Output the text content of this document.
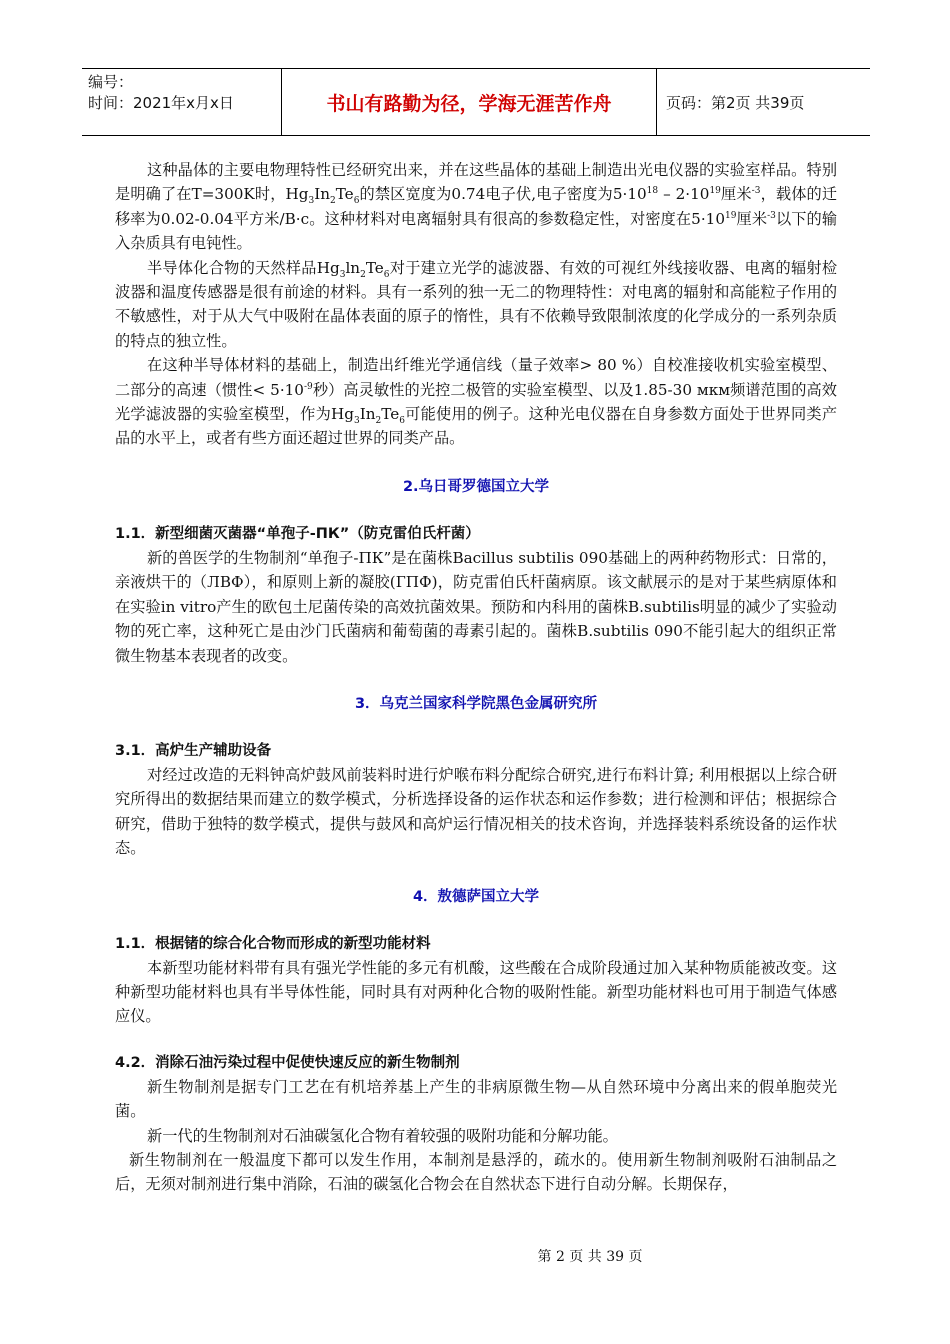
编号：
时间：2021年x月x日	书山有路勤为径，学海无涯苦作舟	页码：第2页 共39页

这种晶体的主要电物理特性已经研究出来，并在这些晶体的基础上制造出光电仪器的实验室样品。特别是明确了在T=300K时，$Hg_3In_2Te_6$的禁区宽度为0.74电子伏,电子密度为$5\cdot 10^{18} - 2\cdot 10^{19}$厘米$^{-3}$，载体的迁移率为0.02-0.04平方米/B·c。这种材料对电离辐射具有很高的参数稳定性，对密度在$5\cdot 10^{19}$厘米$^{-3}$以下的输入杂质具有电钝性。

半导体化合物的天然样品$Hg_3\ln_2Te_6$对于建立光学的滤波器、有效的可视红外线接收器、电离的辐射检波器和温度传感器是很有前途的材料。具有一系列的独一无二的物理特性：对电离的辐射和高能粒子作用的不敏感性，对于从大气中吸附在晶体表面的原子的惰性，具有不依赖导致限制浓度的化学成分的一系列杂质的特点的独立性。

在这种半导体材料的基础上，制造出纤维光学通信线（量子效率> 80 %）自校准接收机实验室模型、二部分的高速（惯性< $5\cdot 10^{-9}$秒）高灵敏性的光控二极管的实验室模型、以及1.85-30 мкм频谱范围的高效光学滤波器的实验室模型，作为$Hg_3In_2Te_6$可能使用的例子。这种光电仪器在自身参数方面处于世界同类产品的水平上，或者有些方面还超过世界的同类产品。

2.乌日哥罗德国立大学
1.1．新型细菌灭菌器“单孢子-ПК”（防克雷伯氏杆菌）

新的兽医学的生物制剂“单孢子-ПК”是在菌株Bacillus subtilis 090基础上的两种药物形式：日常的，亲液烘干的（ЛВФ），和原则上新的凝胶(ГПФ)，防克雷伯氏杆菌病原。该文献展示的是对于某些病原体和在实验in vitro产生的欧包土尼菌传染的高效抗菌效果。预防和内科用的菌株B.subtilis明显的减少了实验动物的死亡率，这种死亡是由沙门氏菌病和葡萄菌的毒素引起的。菌株B.subtilis 090不能引起大的组织正常微生物基本表现者的改变。

3．乌克兰国家科学院黑色金属研究所
3.1．高炉生产辅助设备

对经过改造的无料钟高炉鼓风前装料时进行炉喉布料分配综合研究,进行布料计算; 利用根据以上综合研究所得出的数据结果而建立的数学模式，分析选择设备的运作状态和运作参数；进行检测和评估；根据综合研究，借助于独特的数学模式，提供与鼓风和高炉运行情况相关的技术咨询，并选择装料系统设备的运作状态。

4．敖德萨国立大学
1.1．根据锗的综合化合物而形成的新型功能材料

本新型功能材料带有具有强光学性能的多元有机酸，这些酸在合成阶段通过加入某种物质能被改变。这种新型功能材料也具有半导体性能，同时具有对两种化合物的吸附性能。新型功能材料也可用于制造气体感应仪。

4.2．消除石油污染过程中促使快速反应的新生物制剂

新生物制剂是据专门工艺在有机培养基上产生的非病原微生物—从自然环境中分离出来的假单胞荧光菌。

新一代的生物制剂对石油碳氢化合物有着较强的吸附功能和分解功能。

新生物制剂在一般温度下都可以发生作用，本制剂是悬浮的，疏水的。使用新生物制剂吸附石油制品之后，无须对制剂进行集中消除，石油的碳氢化合物会在自然状态下进行自动分解。长期保存，

第 2 页 共 39 页
